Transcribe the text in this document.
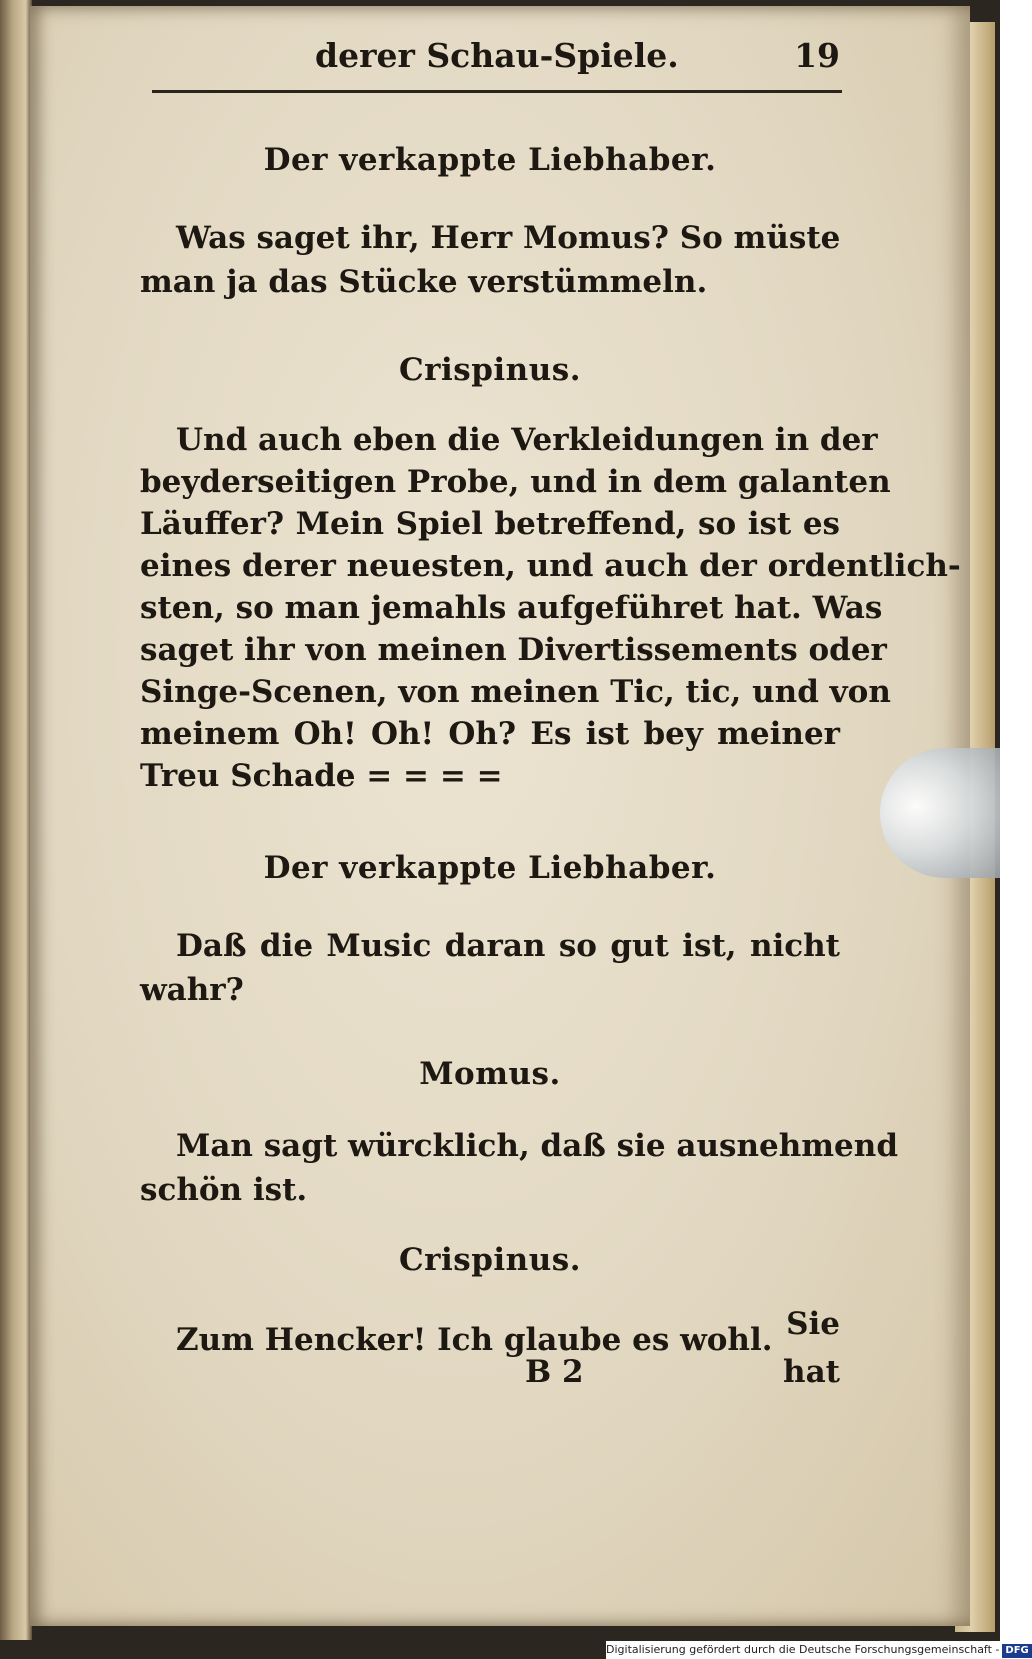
derer Schau-Spiele.	19
Der verkappte Liebhaber.
Was saget ihr, Herr Momus? So müste
man ja das Stücke verstümmeln.
Crispinus.
Und auch eben die Verkleidungen in der
beyderseitigen Probe, und in dem galanten
Läuffer? Mein Spiel betreffend, so ist es
eines derer neuesten, und auch der ordentlich-
sten, so man jemahls aufgeführet hat. Was
saget ihr von meinen Divertissements oder
Singe-Scenen, von meinen Tic, tic, und von
meinem Oh! Oh! Oh? Es ist bey meiner
Treu Schade = = = =
Der verkappte Liebhaber.
Daß die Music daran so gut ist, nicht
wahr?
Momus.
Man sagt würcklich, daß sie ausnehmend
schön ist.
Crispinus.
Zum Hencker! Ich glaube es wohl. Sie
B 2	hat
Digitalisierung gefördert durch die Deutsche Forschungsgemeinschaft - DFG
